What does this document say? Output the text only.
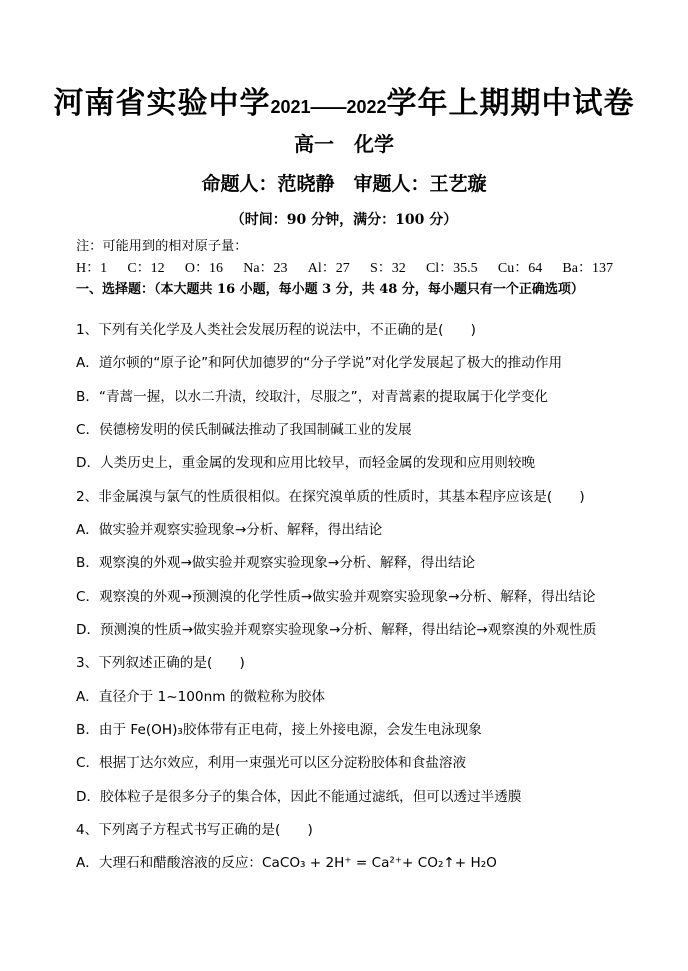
河南省实验中学2021——2022学年上期期中试卷
高一　化学
命题人：范晓静　审题人：王艺璇
（时间：90 分钟，满分：100 分）
注：可能用到的相对原子量：
H：1 C：12 O：16 Na：23 Al：27 S：32 Cl：35.5 Cu：64 Ba：137
一、选择题：（本大题共 16 小题，每小题 3 分，共 48 分，每小题只有一个正确选项）
1、下列有关化学及人类社会发展历程的说法中，不正确的是(　　)
A．道尔顿的“原子论”和阿伏加德罗的“分子学说”对化学发展起了极大的推动作用
B．“青蒿一握，以水二升渍，绞取汁，尽服之”，对青蒿素的提取属于化学变化
C．侯德榜发明的侯氏制碱法推动了我国制碱工业的发展
D．人类历史上，重金属的发现和应用比较早，而轻金属的发现和应用则较晚
2、非金属溴与氯气的性质很相似。在探究溴单质的性质时，其基本程序应该是(　　)
A．做实验并观察实验现象→分析、解释，得出结论
B．观察溴的外观→做实验并观察实验现象→分析、解释，得出结论
C．观察溴的外观→预测溴的化学性质→做实验并观察实验现象→分析、解释，得出结论
D．预测溴的性质→做实验并观察实验现象→分析、解释，得出结论→观察溴的外观性质
3、下列叙述正确的是(　　)
A．直径介于 1~100nm 的微粒称为胶体
B．由于 Fe(OH)₃胶体带有正电荷，接上外接电源，会发生电泳现象
C．根据丁达尔效应，利用一束强光可以区分淀粉胶体和食盐溶液
D．胶体粒子是很多分子的集合体，因此不能通过滤纸，但可以透过半透膜
4、下列离子方程式书写正确的是(　　)
A．大理石和醋酸溶液的反应：CaCO₃ + 2H⁺ = Ca²⁺+ CO₂↑+ H₂O
